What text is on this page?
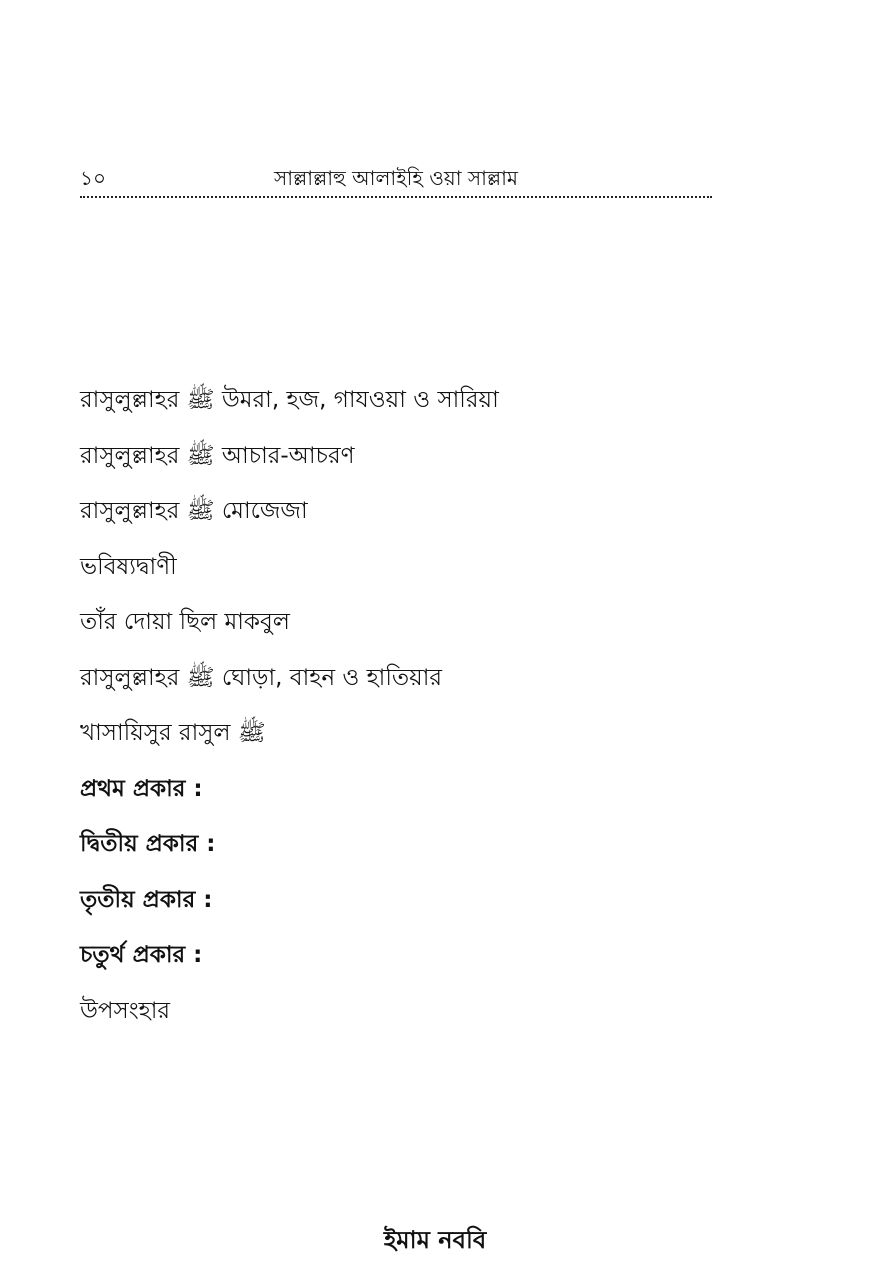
১০	সাল্লাল্লাহু আলাইহি ওয়া সাল্লাম
রাসুলুল্লাহর ﷺ উমরা, হজ, গাযওয়া ও সারিয়া
রাসুলুল্লাহর ﷺ আচার-আচরণ
রাসুলুল্লাহর ﷺ মোজেজা
ভবিষ্যদ্বাণী
তাঁর দোয়া ছিল মাকবুল
রাসুলুল্লাহর ﷺ ঘোড়া, বাহন ও হাতিয়ার
খাসায়িসুর রাসুল ﷺ
প্রথম প্রকার :
দ্বিতীয় প্রকার :
তৃতীয় প্রকার :
চতুর্থ প্রকার :
উপসংহার
ইমাম নববি
